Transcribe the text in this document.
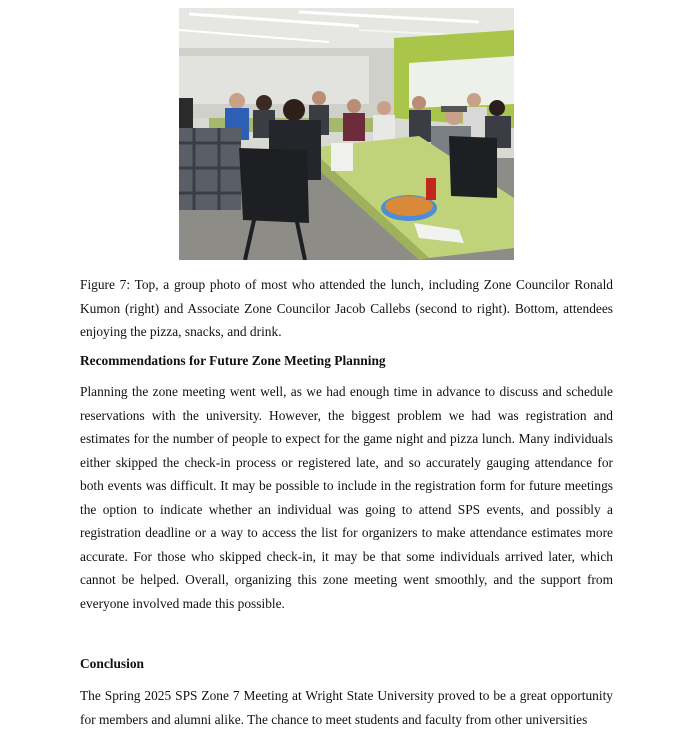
Figure 7: Top, a group photo of most who attended the lunch, including Zone Councilor Ronald Kumon (right) and Associate Zone Councilor Jacob Callebs (second to right). Bottom, attendees enjoying the pizza, snacks, and drink.

Recommendations for Future Zone Meeting Planning

Planning the zone meeting went well, as we had enough time in advance to discuss and schedule reservations with the university. However, the biggest problem we had was registration and estimates for the number of people to expect for the game night and pizza lunch. Many individuals either skipped the check-in process or registered late, and so accurately gauging attendance for both events was difficult. It may be possible to include in the registration form for future meetings the option to indicate whether an individual was going to attend SPS events, and possibly a registration deadline or a way to access the list for organizers to make attendance estimates more accurate. For those who skipped check-in, it may be that some individuals arrived later, which cannot be helped. Overall, organizing this zone meeting went smoothly, and the support from everyone involved made this possible.

Conclusion

The Spring 2025 SPS Zone 7 Meeting at Wright State University proved to be a great opportunity for members and alumni alike. The chance to meet students and faculty from other universities
